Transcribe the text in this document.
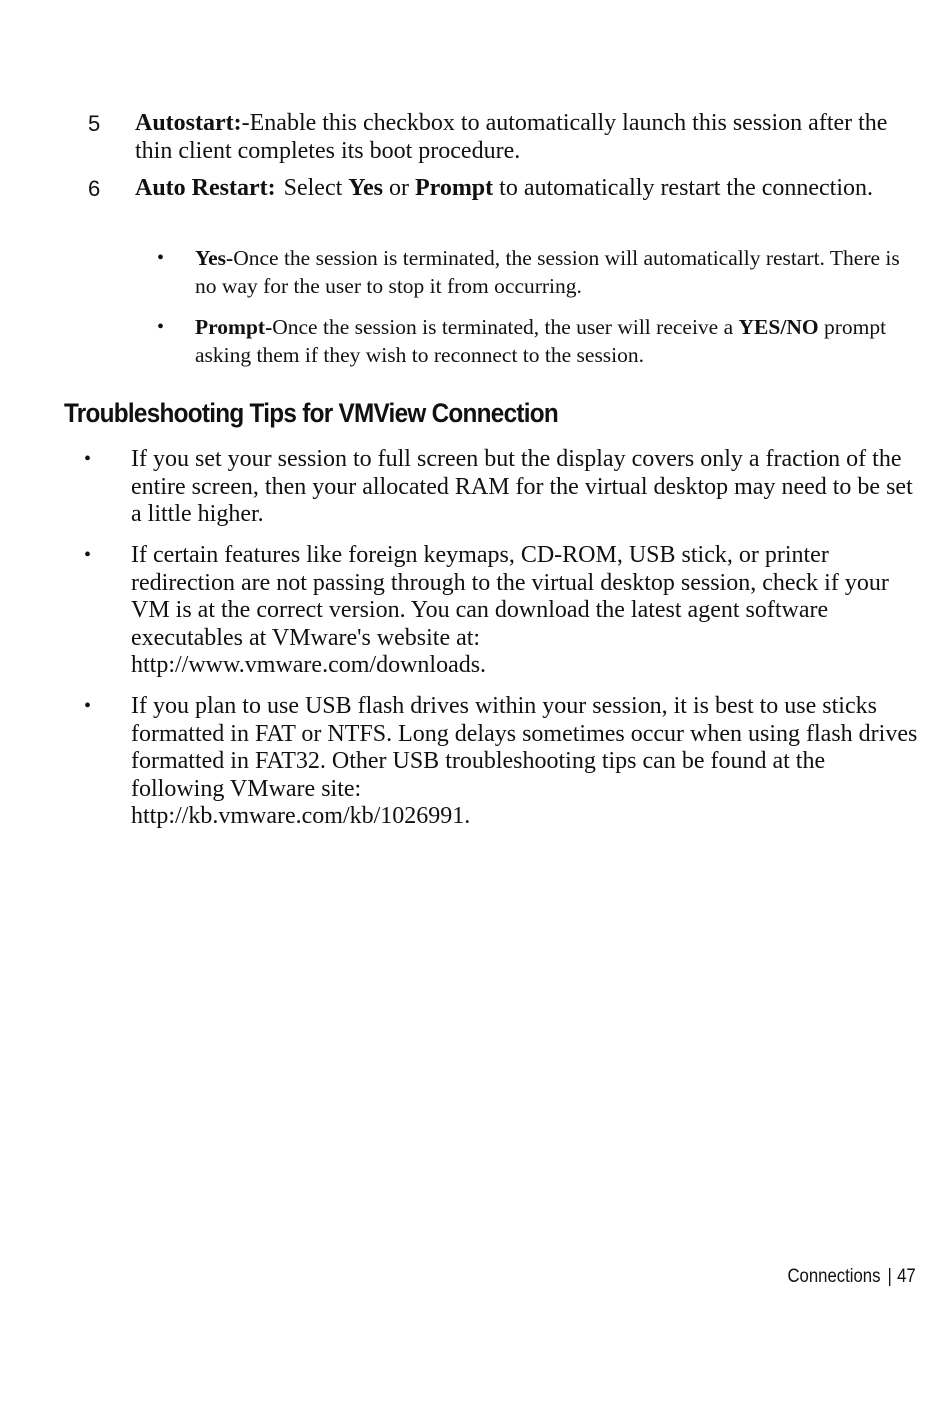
5 Autostart:-Enable this checkbox to automatically launch this session after the thin client completes its boot procedure.
6 Auto Restart: Select Yes or Prompt to automatically restart the connection.
• Yes-Once the session is terminated, the session will automatically restart. There is no way for the user to stop it from occurring.
• Prompt-Once the session is terminated, the user will receive a YES/NO prompt asking them if they wish to reconnect to the session.
Troubleshooting Tips for VMView Connection
• If you set your session to full screen but the display covers only a fraction of the entire screen, then your allocated RAM for the virtual desktop may need to be set a little higher.
• If certain features like foreign keymaps, CD-ROM, USB stick, or printer redirection are not passing through to the virtual desktop session, check if your VM is at the correct version. You can download the latest agent software executables at VMware's website at:
http://www.vmware.com/downloads.
• If you plan to use USB flash drives within your session, it is best to use sticks formatted in FAT or NTFS. Long delays sometimes occur when using flash drives formatted in FAT32. Other USB troubleshooting tips can be found at the following VMware site:
http://kb.vmware.com/kb/1026991.
Connections | 47
